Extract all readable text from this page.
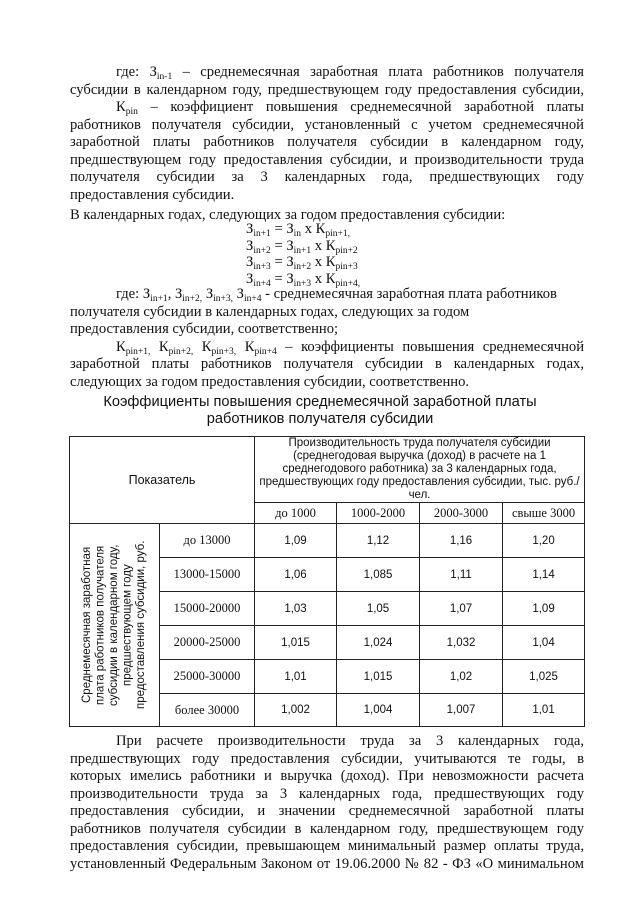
где: $З_{in-1}$ – среднемесячная заработная плата работников получателя

субсидии в календарном году, предшествующем году предоставления субсидии,

$К_{pin}$ – коэффициент повышения среднемесячной заработной платы

работников получателя субсидии, установленный с учетом среднемесячной

заработной платы работников получателя субсидии в календарном году,

предшествующем году предоставления субсидии, и производительности труда

получателя субсидии за 3 календарных года, предшествующих году

предоставления субсидии.

В календарных годах, следующих за годом предоставления субсидии:

$З_{in+1} = З_{in}$ х $К_{pin+1,}$
$З_{in+2} = З_{in+1}$ х $К_{pin+2}$
$З_{in+3} = З_{in+2}$ х $К_{pin+3}$
$З_{in+4} = З_{in+3}$ х $К_{pin+4,}$

где: $З_{in+1}$, $З_{in+2,}$ $З_{in+3,}$ $З_{in+4}$ - среднемесячная заработная плата работников

получателя субсидии в календарных годах, следующих за годом

предоставления субсидии, соответственно;

$К_{pin+1,}$ $К_{pin+2,}$ $К_{pin+3,}$ $К_{pin+4}$ – коэффициенты повышения среднемесячной

заработной платы работников получателя субсидии в календарных годах,

следующих за годом предоставления субсидии, соответственно.

Коэффициенты повышения среднемесячной заработной платы
работников получателя субсидии
Показатель		Производительность труда получателя субсидии (среднегодовая выручка (доход) в расчете на 1 среднегодового работника) за 3 календарных года, предшествующих году предоставления субсидии, тыс. руб./чел.			
		до 1000	1000-2000	2000-3000	свыше 3000

Среднемесячная заработная плата работников получателя субсидии в календарном году, предшествующем году предоставления субсидии, руб.	до 13000	1,09	1,12	1,16	1,20
	13000-15000	1,06	1,085	1,11	1,14
	15000-20000	1,03	1,05	1,07	1,09
	20000-25000	1,015	1,024	1,032	1,04
	25000-30000	1,01	1,015	1,02	1,025
	более 30000	1,002	1,004	1,007	1,01

При расчете производительности труда за 3 календарных года,

предшествующих году предоставления субсидии, учитываются те годы, в

которых имелись работники и выручка (доход). При невозможности расчета

производительности труда за 3 календарных года, предшествующих году

предоставления субсидии, и значении среднемесячной заработной платы

работников получателя субсидии в календарном году, предшествующем году

предоставления субсидии, превышающем минимальный размер оплаты труда,

установленный Федеральным Законом от 19.06.2000 № 82 - ФЗ «О минимальном
